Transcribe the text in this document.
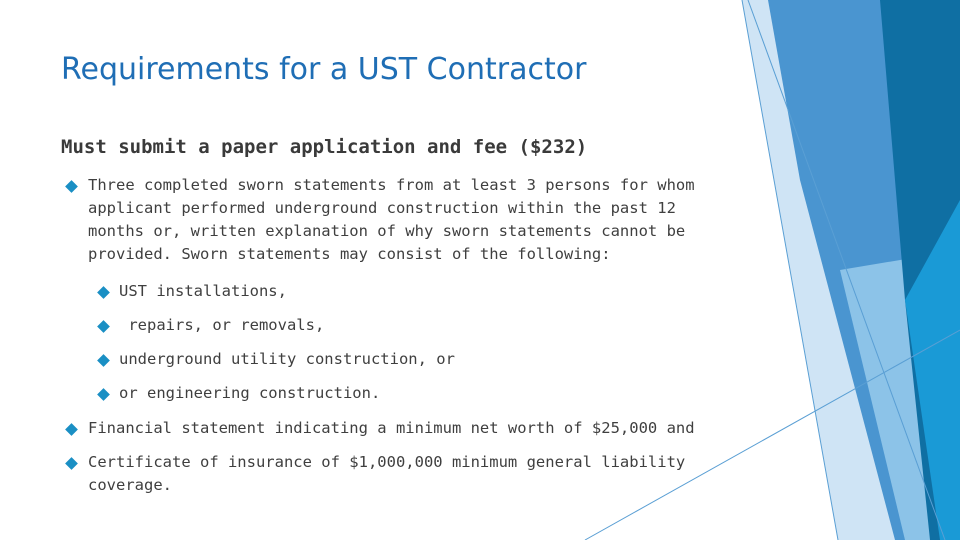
Requirements for a UST Contractor
Must submit a paper application and fee ($232)
Three completed sworn statements from at least 3 persons for whom
applicant performed underground construction within the past 12
months or, written explanation of why sworn statements cannot be
provided. Sworn statements may consist of the following:
UST installations,
repairs, or removals,
underground utility construction, or
or engineering construction.
Financial statement indicating a minimum net worth of $25,000 and
Certificate of insurance of $1,000,000 minimum general liability
coverage.
